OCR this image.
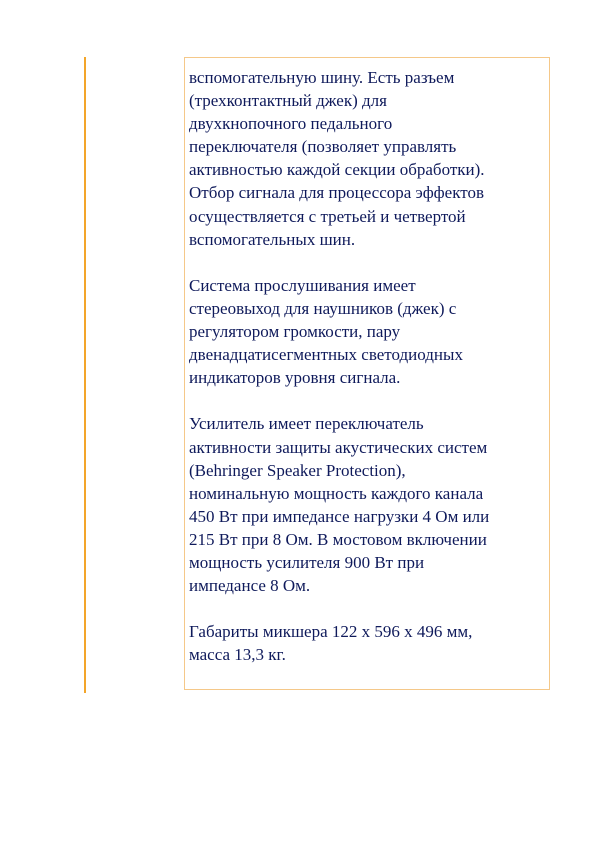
вспомогательную шину. Есть разъем
(трехконтактный джек) для
двухкнопочного педального
переключателя (позволяет управлять
активностью каждой секции обработки).
Отбор сигнала для процессора эффектов
осуществляется с третьей и четвертой
вспомогательных шин.

Система прослушивания имеет
стереовыход для наушников (джек) с
регулятором громкости, пару
двенадцатисегментных светодиодных
индикаторов уровня сигнала.

Усилитель имеет переключатель
активности защиты акустических систем
(Behringer Speaker Protection),
номинальную мощность каждого канала
450 Вт при импедансе нагрузки 4 Ом или
215 Вт при 8 Ом. В мостовом включении
мощность усилителя 900 Вт при
импедансе 8 Ом.

Габариты микшера 122 x 596 x 496 мм,
масса 13,3 кг.
